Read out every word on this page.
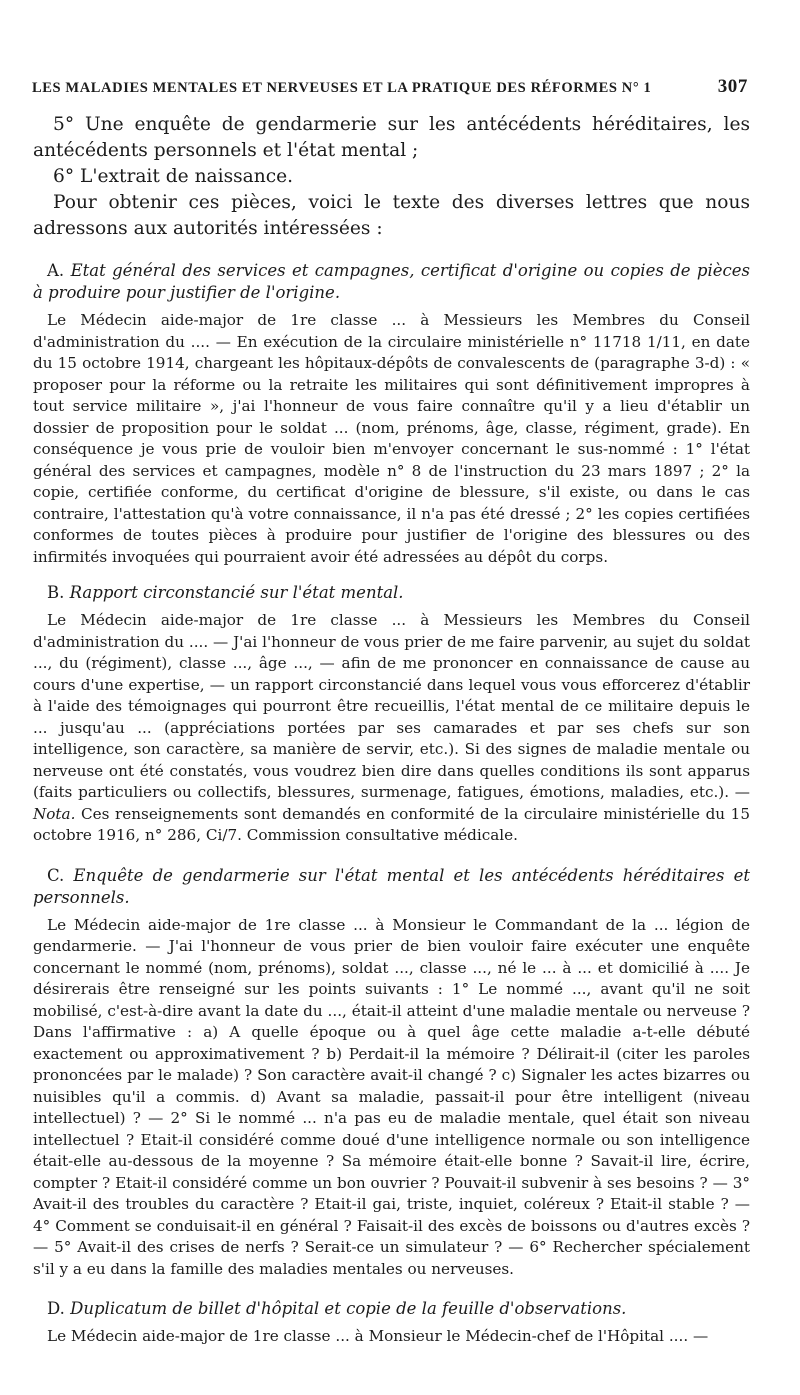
LES MALADIES MENTALES ET NERVEUSES ET LA PRATIQUE DES RÉFORMES N° 1	307

5° Une enquête de gendarmerie sur les antécédents héréditaires, les antécédents personnels et l'état mental ;

6° L'extrait de naissance.

Pour obtenir ces pièces, voici le texte des diverses lettres que nous adressons aux autorités intéressées :

A. Etat général des services et campagnes, certificat d'origine ou copies de pièces à produire pour justifier de l'origine.

Le Médecin aide-major de 1re classe ... à Messieurs les Membres du Conseil d'administration du .... — En exécution de la circulaire ministérielle n° 11718 1/11, en date du 15 octobre 1914, chargeant les hôpitaux-dépôts de convalescents de (paragraphe 3-d) : « proposer pour la réforme ou la retraite les militaires qui sont définitivement impropres à tout service militaire », j'ai l'honneur de vous faire connaître qu'il y a lieu d'établir un dossier de proposition pour le soldat ... (nom, prénoms, âge, classe, régiment, grade). En conséquence je vous prie de vouloir bien m'envoyer concernant le sus-nommé : 1° l'état général des services et campagnes, modèle n° 8 de l'instruction du 23 mars 1897 ; 2° la copie, certifiée conforme, du certificat d'origine de blessure, s'il existe, ou dans le cas contraire, l'attestation qu'à votre connaissance, il n'a pas été dressé ; 2° les copies certifiées conformes de toutes pièces à produire pour justifier de l'origine des blessures ou des infirmités invoquées qui pourraient avoir été adressées au dépôt du corps.

B. Rapport circonstancié sur l'état mental.

Le Médecin aide-major de 1re classe ... à Messieurs les Membres du Conseil d'administration du .... — J'ai l'honneur de vous prier de me faire parvenir, au sujet du soldat ..., du (régiment), classe ..., âge ..., — afin de me prononcer en connaissance de cause au cours d'une expertise, — un rapport circonstancié dans lequel vous vous efforcerez d'établir à l'aide des témoignages qui pourront être recueillis, l'état mental de ce militaire depuis le ... jusqu'au ... (appréciations portées par ses camarades et par ses chefs sur son intelligence, son caractère, sa manière de servir, etc.). Si des signes de maladie mentale ou nerveuse ont été constatés, vous voudrez bien dire dans quelles conditions ils sont apparus (faits particuliers ou collectifs, blessures, surmenage, fatigues, émotions, maladies, etc.). — Nota. Ces renseignements sont demandés en conformité de la circulaire ministérielle du 15 octobre 1916, n° 286, Ci/7. Commission consultative médicale.

C. Enquête de gendarmerie sur l'état mental et les antécédents héréditaires et personnels.

Le Médecin aide-major de 1re classe ... à Monsieur le Commandant de la ... légion de gendarmerie. — J'ai l'honneur de vous prier de bien vouloir faire exécuter une enquête concernant le nommé (nom, prénoms), soldat ..., classe ..., né le ... à ... et domicilié à .... Je désirerais être renseigné sur les points suivants : 1° Le nommé ..., avant qu'il ne soit mobilisé, c'est-à-dire avant la date du ..., était-il atteint d'une maladie mentale ou nerveuse ? Dans l'affirmative : a) A quelle époque ou à quel âge cette maladie a-t-elle débuté exactement ou approximativement ? b) Perdait-il la mémoire ? Délirait-il (citer les paroles prononcées par le malade) ? Son caractère avait-il changé ? c) Signaler les actes bizarres ou nuisibles qu'il a commis. d) Avant sa maladie, passait-il pour être intelligent (niveau intellectuel) ? — 2° Si le nommé ... n'a pas eu de maladie mentale, quel était son niveau intellectuel ? Etait-il considéré comme doué d'une intelligence normale ou son intelligence était-elle au-dessous de la moyenne ? Sa mémoire était-elle bonne ? Savait-il lire, écrire, compter ? Etait-il considéré comme un bon ouvrier ? Pouvait-il subvenir à ses besoins ? — 3° Avait-il des troubles du caractère ? Etait-il gai, triste, inquiet, coléreux ? Etait-il stable ? — 4° Comment se conduisait-il en général ? Faisait-il des excès de boissons ou d'autres excès ? — 5° Avait-il des crises de nerfs ? Serait-ce un simulateur ? — 6° Rechercher spécialement s'il y a eu dans la famille des maladies mentales ou nerveuses.

D. Duplicatum de billet d'hôpital et copie de la feuille d'observations.

Le Médecin aide-major de 1re classe ... à Monsieur le Médecin-chef de l'Hôpital .... —
